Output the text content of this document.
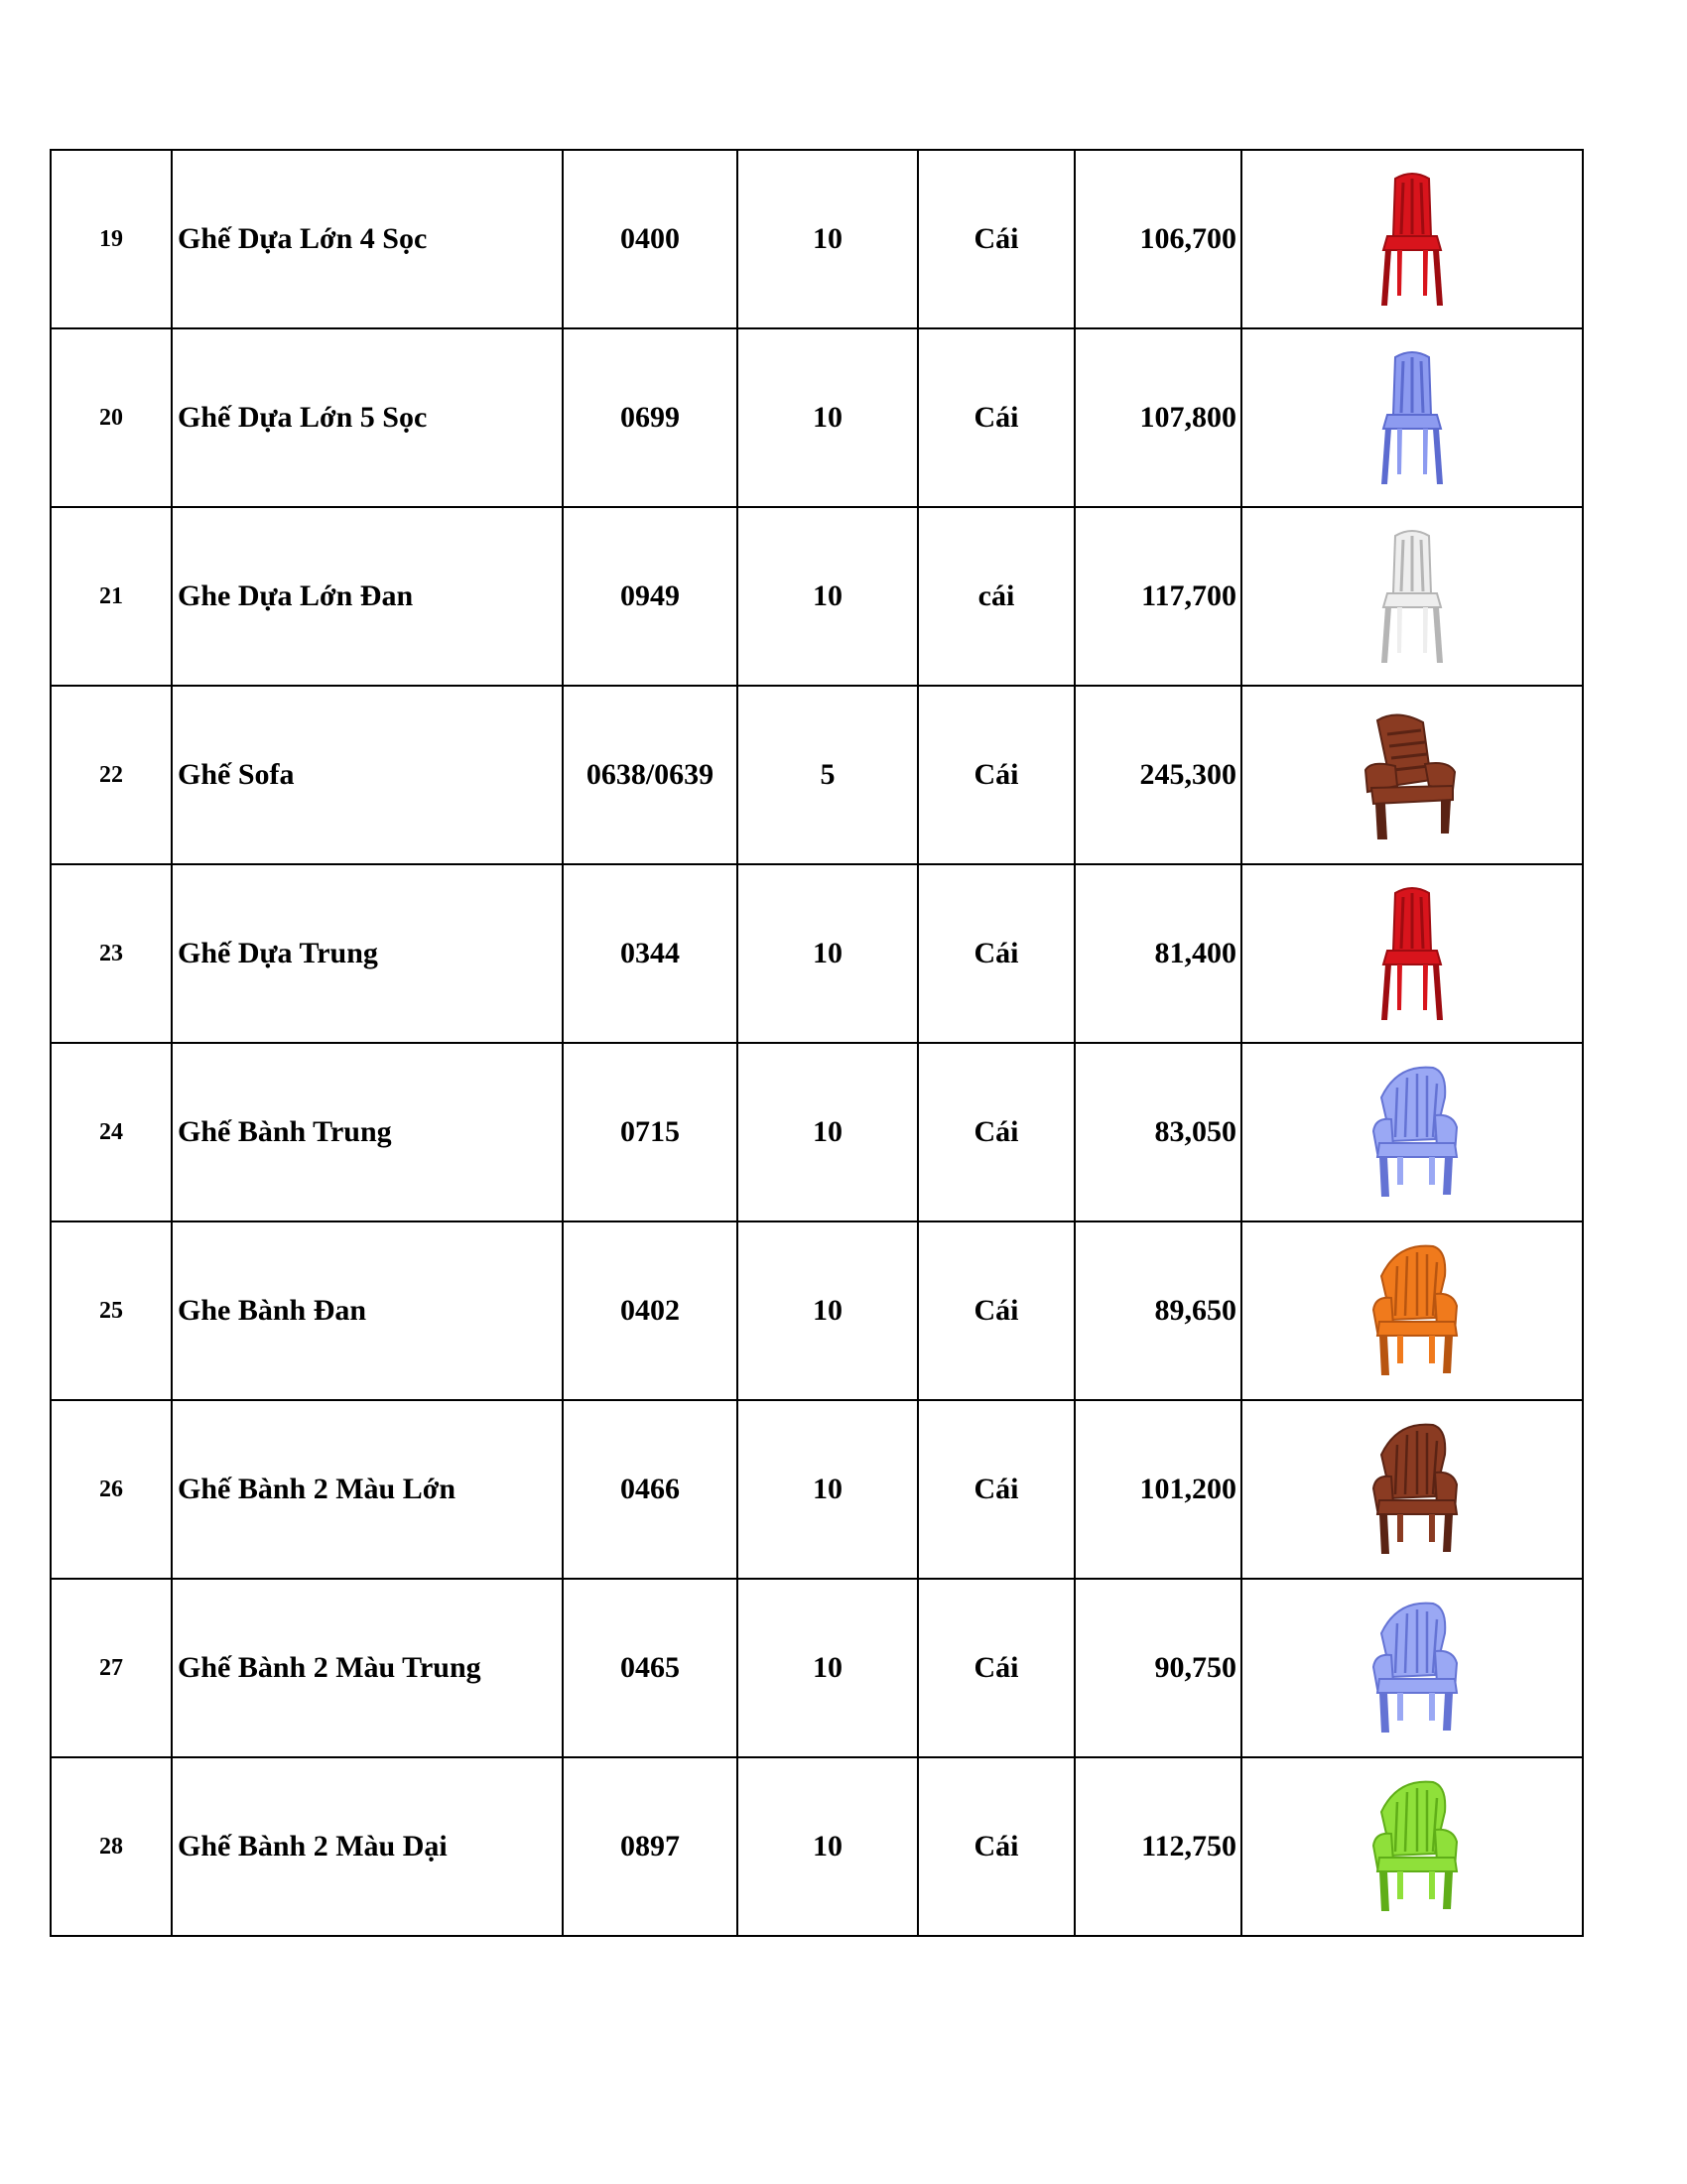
19	Ghế Dựa Lớn 4 Sọc	0400	10	Cái	106,700	

20	Ghế Dựa Lớn 5 Sọc	0699	10	Cái	107,800	

21	Ghe Dựa Lớn Đan	0949	10	cái	117,700	

22	Ghế Sofa	0638/0639	5	Cái	245,300	

23	Ghế Dựa Trung	0344	10	Cái	81,400	

24	Ghế Bành Trung	0715	10	Cái	83,050	

25	Ghe Bành Đan	0402	10	Cái	89,650	

26	Ghế Bành 2 Màu Lớn	0466	10	Cái	101,200	

27	Ghế Bành 2 Màu Trung	0465	10	Cái	90,750	

28	Ghế Bành 2 Màu Dại	0897	10	Cái	112,750	
